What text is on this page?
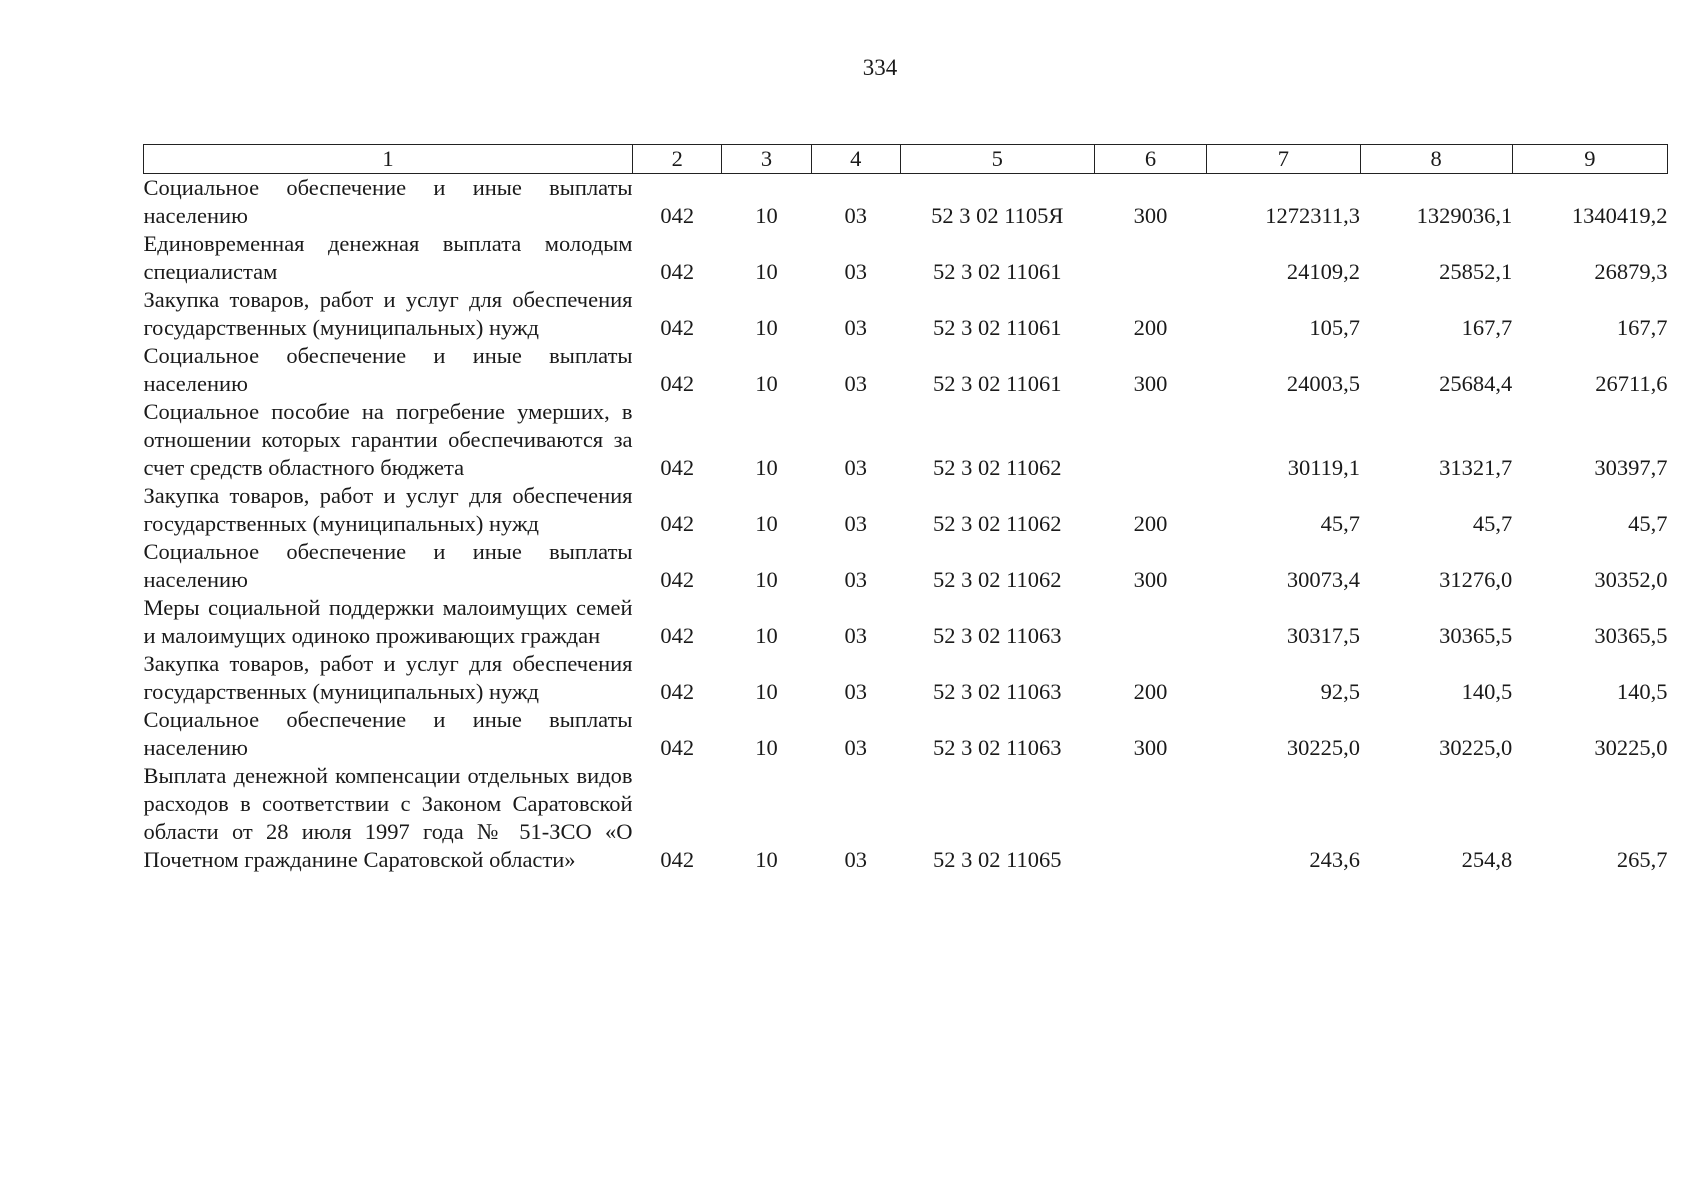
334
1	2	3	4	5	6	7	8	9
Социальное обеспечение и иные выплаты населению	042	10	03	52 3 02 1105Я	300	1272311,3	1329036,1	1340419,2
Единовременная денежная выплата молодым специалистам	042	10	03	52 3 02 11061		24109,2	25852,1	26879,3
Закупка товаров, работ и услуг для обеспечения государственных (муниципальных) нужд	042	10	03	52 3 02 11061	200	105,7	167,7	167,7
Социальное обеспечение и иные выплаты населению	042	10	03	52 3 02 11061	300	24003,5	25684,4	26711,6
Социальное пособие на погребение умерших, в отношении которых гарантии обеспечиваются за счет средств областного бюджета	042	10	03	52 3 02 11062		30119,1	31321,7	30397,7
Закупка товаров, работ и услуг для обеспечения государственных (муниципальных) нужд	042	10	03	52 3 02 11062	200	45,7	45,7	45,7
Социальное обеспечение и иные выплаты населению	042	10	03	52 3 02 11062	300	30073,4	31276,0	30352,0
Меры социальной поддержки малоимущих семей и малоимущих одиноко проживающих граждан	042	10	03	52 3 02 11063		30317,5	30365,5	30365,5
Закупка товаров, работ и услуг для обеспечения государственных (муниципальных) нужд	042	10	03	52 3 02 11063	200	92,5	140,5	140,5
Социальное обеспечение и иные выплаты населению	042	10	03	52 3 02 11063	300	30225,0	30225,0	30225,0
Выплата денежной компенсации отдельных видов расходов в соответствии с Законом Саратовской области от 28 июля 1997 года № 51-ЗСО «О Почетном гражданине Саратовской области»	042	10	03	52 3 02 11065		243,6	254,8	265,7
